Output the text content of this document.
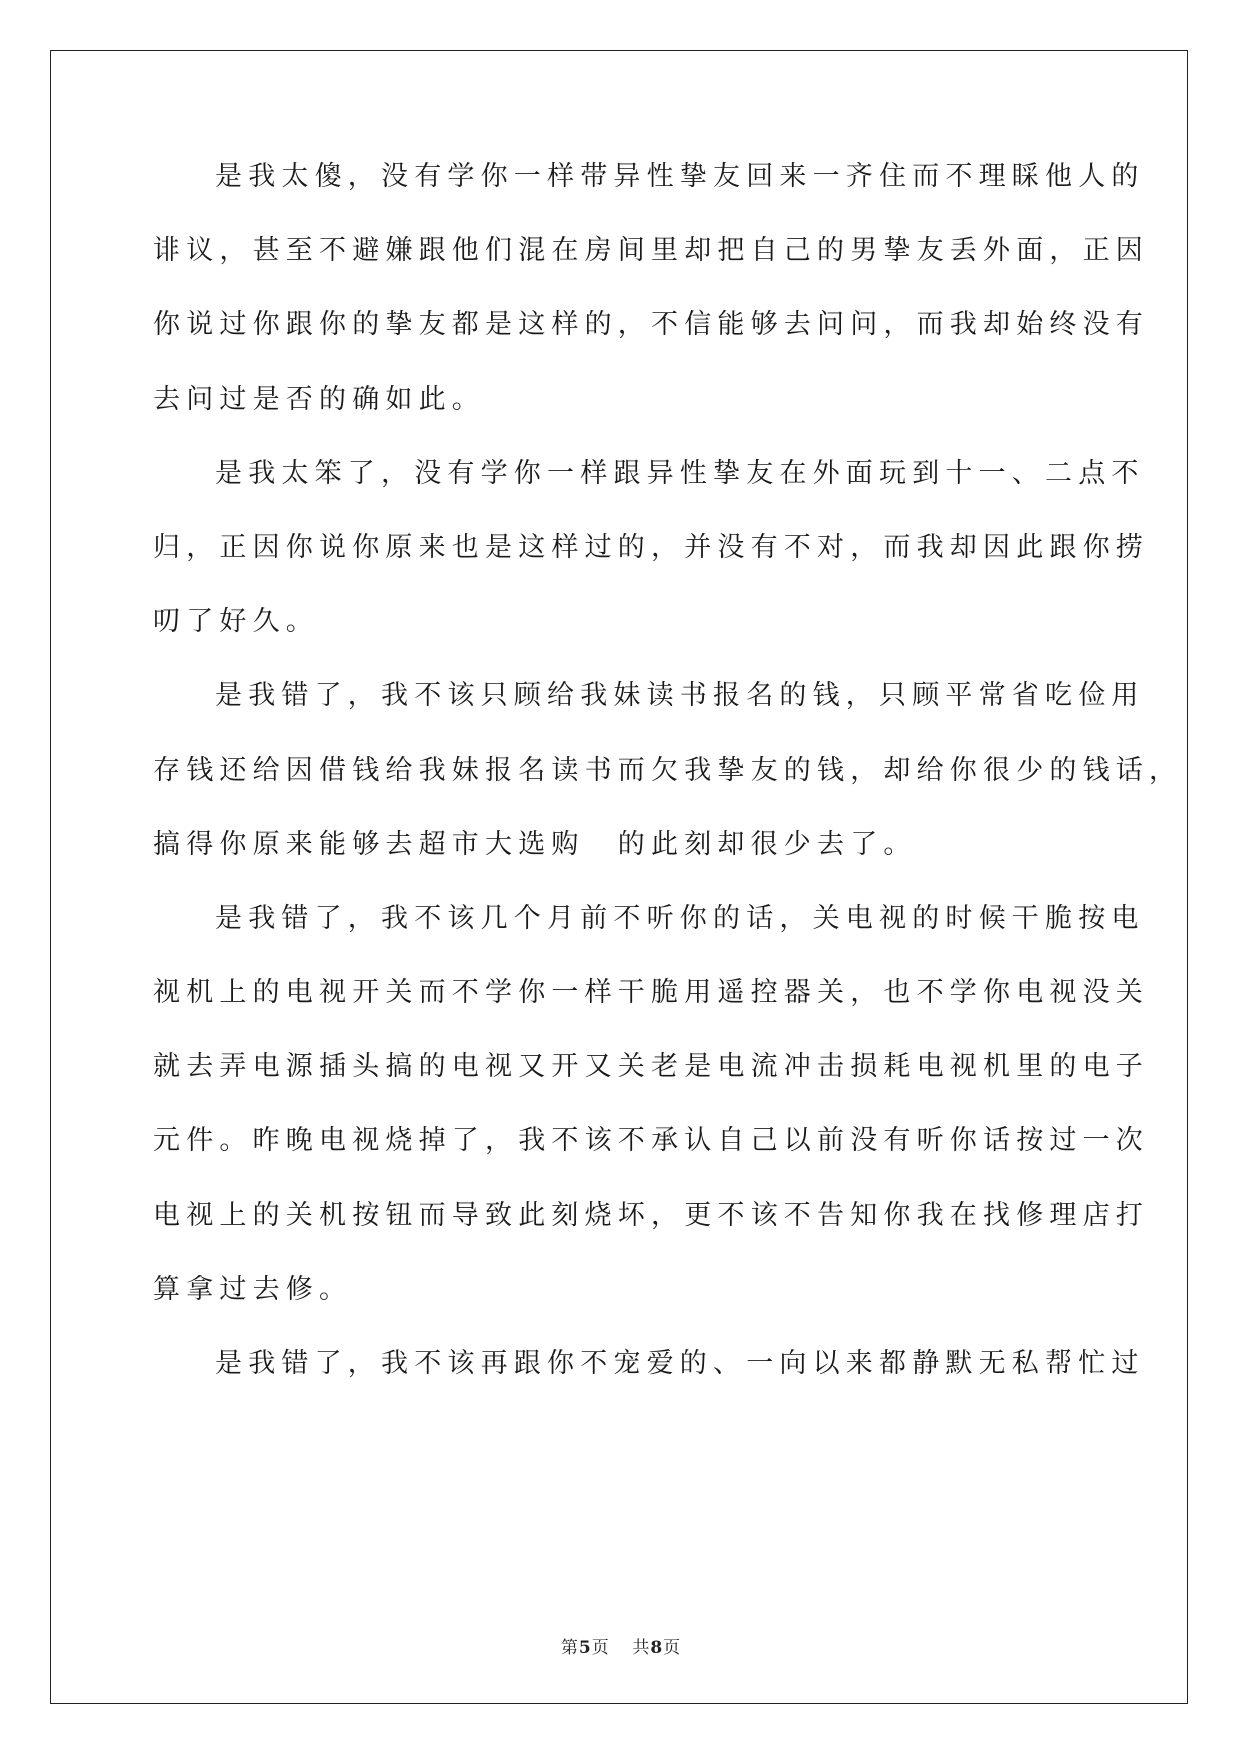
是我太傻，没有学你一样带异性挚友回来一齐住而不理睬他人的
诽议，甚至不避嫌跟他们混在房间里却把自己的男挚友丢外面，正因
你说过你跟你的挚友都是这样的，不信能够去问问，而我却始终没有
去问过是否的确如此。
是我太笨了，没有学你一样跟异性挚友在外面玩到十一、二点不
归，正因你说你原来也是这样过的，并没有不对，而我却因此跟你捞
叨了好久。
是我错了，我不该只顾给我妹读书报名的钱，只顾平常省吃俭用
存钱还给因借钱给我妹报名读书而欠我挚友的钱，却给你很少的钱话，
搞得你原来能够去超市大选购　的此刻却很少去了。
是我错了，我不该几个月前不听你的话，关电视的时候干脆按电
视机上的电视开关而不学你一样干脆用遥控器关，也不学你电视没关
就去弄电源插头搞的电视又开又关老是电流冲击损耗电视机里的电子
元件。昨晚电视烧掉了，我不该不承认自己以前没有听你话按过一次
电视上的关机按钮而导致此刻烧坏，更不该不告知你我在找修理店打
算拿过去修。
是我错了，我不该再跟你不宠爱的、一向以来都静默无私帮忙过
第5页 共8页
